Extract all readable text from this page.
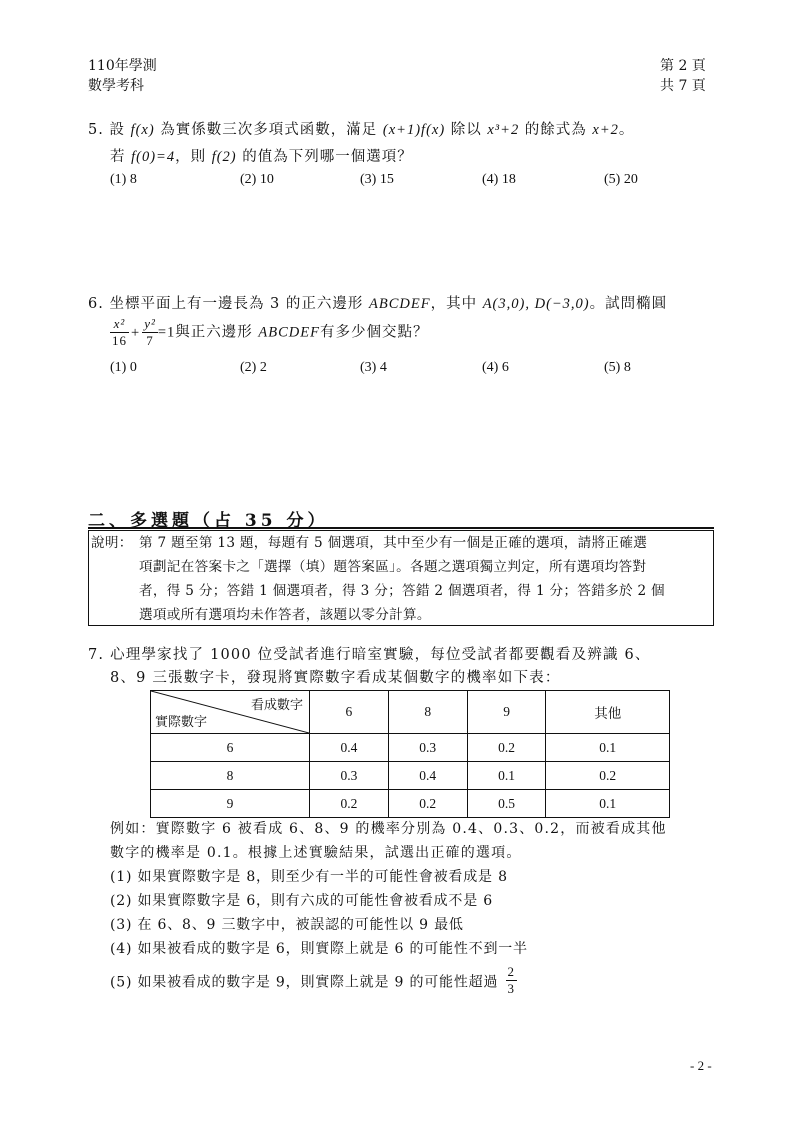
110年學測
數學考科
第 2 頁
共 7 頁
5. 設 f(x) 為實係數三次多項式函數，滿足 (x+1)f(x) 除以 x³+2 的餘式為 x+2。
若 f(0)=4，則 f(2) 的值為下列哪一個選項？
(1) 8	(2) 10	(3) 15	(4) 18	(5) 20
6. 坐標平面上有一邊長為 3 的正六邊形 ABCDEF，其中 A(3,0), D(−3,0)。試問橢圓
$\frac{\text{x²}}{16} + \frac{\text{y²}}{7} =1$與正六邊形 ABCDEF有多少個交點？
(1) 0	(2) 2	(3) 4	(4) 6	(5) 8
二、多選題（占 35 分）
說明： 第 7 題至第 13 題，每題有 5 個選項，其中至少有一個是正確的選項，請將正確選
項劃記在答案卡之「選擇（填）題答案區」。各題之選項獨立判定，所有選項均答對
者，得 5 分；答錯 1 個選項者，得 3 分；答錯 2 個選項者，得 1 分；答錯多於 2 個
選項或所有選項均未作答者，該題以零分計算。
7. 心理學家找了 1000 位受試者進行暗室實驗，每位受試者都要觀看及辨識 6、
8、9 三張數字卡，發現將實際數字看成某個數字的機率如下表：
看成數字
實際數字	6	8	9	其他
6	0.4	0.3	0.2	0.1
8	0.3	0.4	0.1	0.2
9	0.2	0.2	0.5	0.1
例如：實際數字 6 被看成 6、8、9 的機率分別為 0.4、0.3、0.2，而被看成其他
數字的機率是 0.1。根據上述實驗結果，試選出正確的選項。
(1) 如果實際數字是 8，則至少有一半的可能性會被看成是 8
(2) 如果實際數字是 6，則有六成的可能性會被看成不是 6
(3) 在 6、8、9 三數字中，被誤認的可能性以 9 最低
(4) 如果被看成的數字是 6，則實際上就是 6 的可能性不到一半
(5) 如果被看成的數字是 9，則實際上就是 9 的可能性超過 $\frac{2}{3}$
- 2 -
